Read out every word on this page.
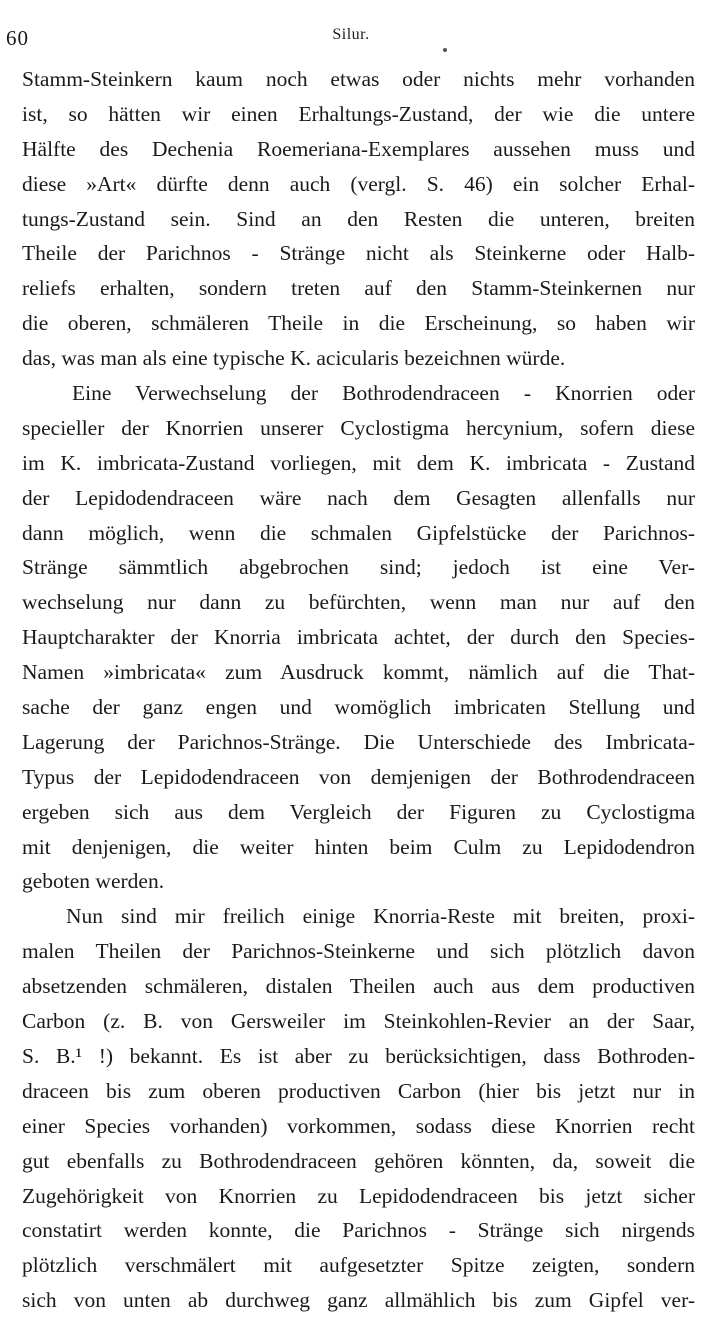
60	Silur.
Stamm-Steinkern kaum noch etwas oder nichts mehr vorhanden
ist, so hätten wir einen Erhaltungs-Zustand, der wie die untere
Hälfte des Dechenia Roemeriana-Exemplares aussehen muss und
diese »Art« dürfte denn auch (vergl. S. 46) ein solcher Erhal-
tungs-Zustand sein. Sind an den Resten die unteren, breiten
Theile der Parichnos - Stränge nicht als Steinkerne oder Halb-
reliefs erhalten, sondern treten auf den Stamm-Steinkernen nur
die oberen, schmäleren Theile in die Erscheinung, so haben wir
das, was man als eine typische K. acicularis bezeichnen würde.
Eine Verwechselung der Bothrodendraceen - Knorrien oder
specieller der Knorrien unserer Cyclostigma hercynium, sofern diese
im K. imbricata-Zustand vorliegen, mit dem K. imbricata - Zustand
der Lepidodendraceen wäre nach dem Gesagten allenfalls nur
dann möglich, wenn die schmalen Gipfelstücke der Parichnos-
Stränge sämmtlich abgebrochen sind; jedoch ist eine Ver-
wechselung nur dann zu befürchten, wenn man nur auf den
Hauptcharakter der Knorria imbricata achtet, der durch den Species-
Namen »imbricata« zum Ausdruck kommt, nämlich auf die That-
sache der ganz engen und womöglich imbricaten Stellung und
Lagerung der Parichnos-Stränge. Die Unterschiede des Imbricata-
Typus der Lepidodendraceen von demjenigen der Bothrodendraceen
ergeben sich aus dem Vergleich der Figuren zu Cyclostigma
mit denjenigen, die weiter hinten beim Culm zu Lepidodendron
geboten werden.
Nun sind mir freilich einige Knorria-Reste mit breiten, proxi-
malen Theilen der Parichnos-Steinkerne und sich plötzlich davon
absetzenden schmäleren, distalen Theilen auch aus dem productiven
Carbon (z. B. von Gersweiler im Steinkohlen-Revier an der Saar,
S. B.¹ !) bekannt. Es ist aber zu berücksichtigen, dass Bothroden-
draceen bis zum oberen productiven Carbon (hier bis jetzt nur in
einer Species vorhanden) vorkommen, sodass diese Knorrien recht
gut ebenfalls zu Bothrodendraceen gehören könnten, da, soweit die
Zugehörigkeit von Knorrien zu Lepidodendraceen bis jetzt sicher
constatirt werden konnte, die Parichnos - Stränge sich nirgends
plötzlich verschmälert mit aufgesetzter Spitze zeigten, sondern
sich von unten ab durchweg ganz allmählich bis zum Gipfel ver-
